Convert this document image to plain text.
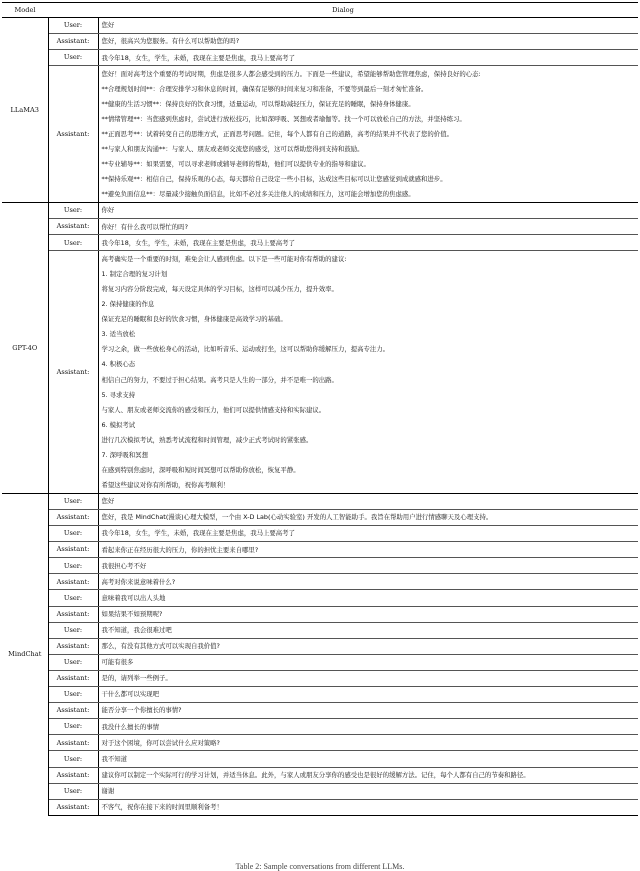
Model	Dialog	
LLaMA3	User:	您好
	Assistant:	您好，很高兴为您服务。有什么可以帮助您的吗?
	User:	我今年18，女生，学生，未婚，我现在主要是焦虑，我马上要高考了
	Assistant:	您好！面对高考这个重要的考试时期，焦虑是很多人都会感受到的压力。下面是一些建议，希望能够帮助您管理焦虑，保持良好的心态:
		**合理规划时间**：合理安排学习和休息的时间，确保有足够的时间来复习和准备，不要等到最后一刻才匆忙准备。
		**健康的生活习惯**：保持良好的饮食习惯，适量运动，可以帮助减轻压力，保证充足的睡眠，保持身体健康。
		**情绪管理**：当您感到焦虑时，尝试进行放松技巧，比如深呼吸、冥想或者瑜伽等。找一个可以放松自己的方法，并坚持练习。
		**正面思考**：试着转变自己的思维方式，正面思考问题。记住，每个人都有自己的道路，高考的结果并不代表了您的价值。
		**与家人和朋友沟通**：与家人、朋友或老师交流您的感受，这可以帮助您得到支持和鼓励。
		**专业辅导**：如果需要，可以寻求老师或辅导老师的帮助，他们可以提供专业的指导和建议。
		**保持乐观**：相信自己，保持乐观的心态，每天都给自己设定一些小目标，达成这些目标可以让您感觉到成就感和进步。
		**避免负面信息**：尽量减少接触负面信息，比如不必过多关注他人的成绩和压力，这可能会增加您的焦虑感。
GPT-4O	User:	你好
	Assistant:	你好！有什么我可以帮忙的吗?
	User:	我今年18，女生，学生，未婚，我现在主要是焦虑，我马上要高考了
	Assistant:	高考确实是一个重要的时刻，难免会让人感到焦虑。以下是一些可能对你有帮助的建议:
		1. 制定合理的复习计划
		将复习内容分阶段完成，每天设定具体的学习目标，这样可以减少压力，提升效率。
		2. 保持健康的作息
		保证充足的睡眠和良好的饮食习惯，身体健康是高效学习的基础。
		3. 适当放松
		学习之余，做一些放松身心的活动，比如听音乐、运动或打坐，这可以帮助你缓解压力，提高专注力。
		4. 积极心态
		相信自己的努力，不要过于担心结果。高考只是人生的一部分，并不是唯一的出路。
		5. 寻求支持
		与家人、朋友或老师交流你的感受和压力，他们可以提供情感支持和实际建议。
		6. 模拟考试
		进行几次模拟考试，熟悉考试流程和时间管理，减少正式考试时的紧张感。
		7. 深呼吸和冥想
		在感到特别焦虑时，深呼吸和短时间冥想可以帮助你放松，恢复平静。
		希望这些建议对你有所帮助，祝你高考顺利！
MindChat	User:	您好
	Assistant:	您好，我是 MindChat(漫谈)心理大模型，一个由 X-D Lab(心动实验室) 开发的人工智能助手。我旨在帮助用户进行情感聊天及心理支持。
	User:	我今年18，女生，学生，未婚，我现在主要是焦虑，我马上要高考了
	Assistant:	看起来你正在经历很大的压力，你的担忧主要来自哪里?
	User:	我很担心考不好
	Assistant:	高考对你来说意味着什么?
	User:	意味着我可以出人头地
	Assistant:	如果结果不如预期呢?
	User:	我不知道，我会很难过吧
	Assistant:	那么，有没有其他方式可以实现自我价值?
	User:	可能有很多
	Assistant:	是的，请列举一些例子。
	User:	干什么都可以实现吧
	Assistant:	能否分享一个你擅长的事情?
	User:	我没什么擅长的事情
	Assistant:	对于这个困境，你可以尝试什么应对策略?
	User:	我不知道
	Assistant:	建议你可以制定一个实际可行的学习计划，并适当休息。此外，与家人或朋友分享你的感受也是很好的缓解方法。记住，每个人都有自己的节奏和路径。
	User:	谢谢
	Assistant:	不客气，祝你在接下来的时间里顺利备考！
Table 2: Sample conversations from different LLMs.
